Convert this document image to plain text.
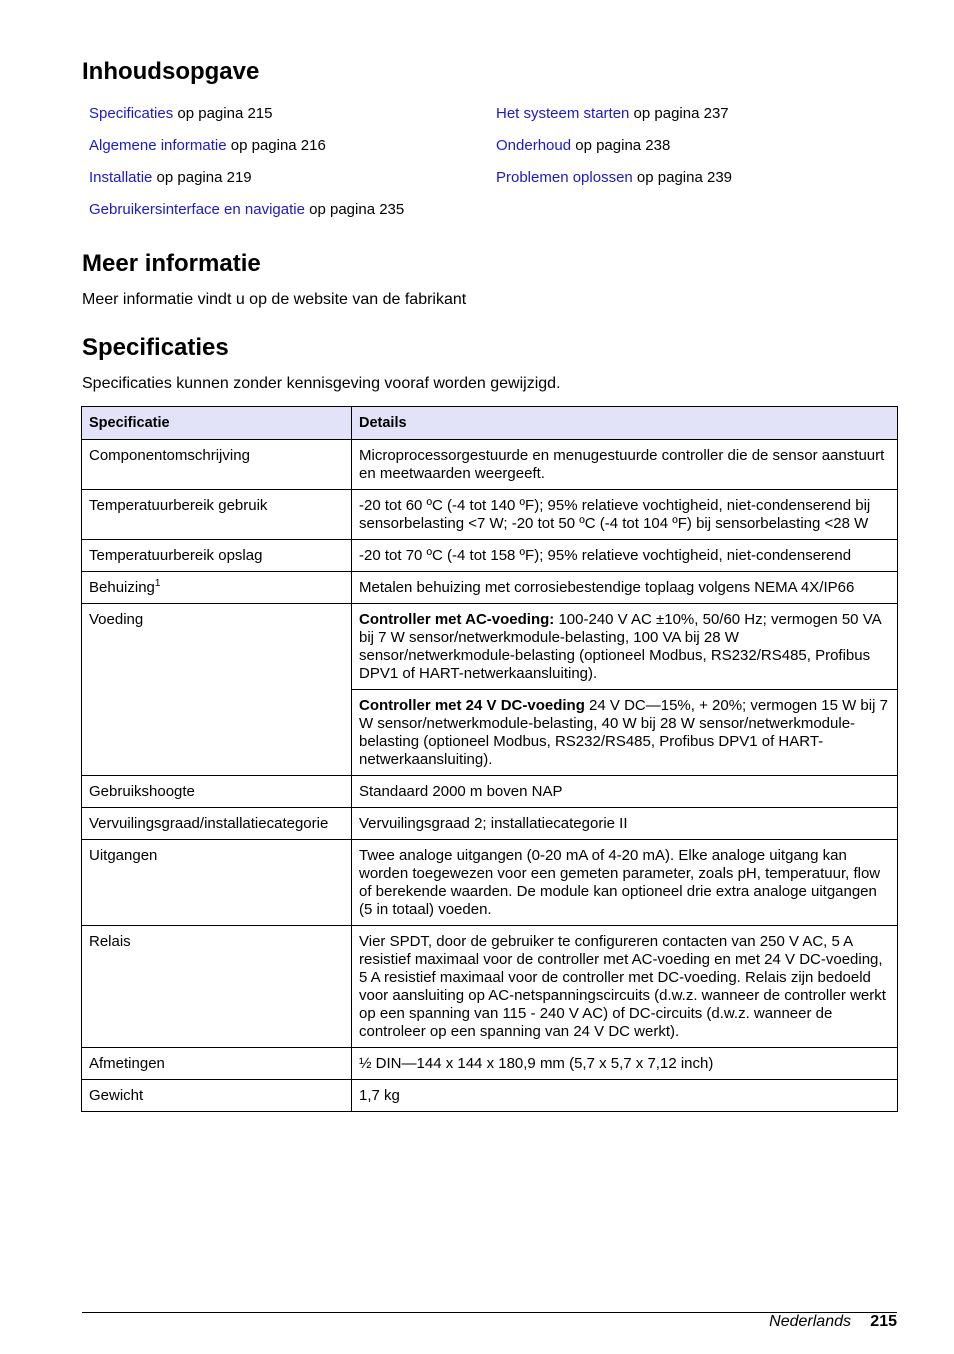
Inhoudsopgave
Specificaties op pagina 215
Algemene informatie op pagina 216
Installatie op pagina 219
Gebruikersinterface en navigatie op pagina 235
Het systeem starten op pagina 237
Onderhoud op pagina 238
Problemen oplossen op pagina 239
Meer informatie

Meer informatie vindt u op de website van de fabrikant

Specificaties

Specificaties kunnen zonder kennisgeving vooraf worden gewijzigd.

Specificatie	Details
Componentomschrijving	Microprocessorgestuurde en menugestuurde controller die de sensor aanstuurt en meetwaarden weergeeft.
Temperatuurbereik gebruik	-20 tot 60 ºC (-4 tot 140 ºF); 95% relatieve vochtigheid, niet-condenserend bij sensorbelasting <7 W; -20 tot 50 ºC (-4 tot 104 ºF) bij sensorbelasting <28 W
Temperatuurbereik opslag	-20 tot 70 ºC (-4 tot 158 ºF); 95% relatieve vochtigheid, niet-condenserend
Behuizing$^1$	Metalen behuizing met corrosiebestendige toplaag volgens NEMA 4X/IP66
Voeding	Controller met AC-voeding: 100-240 V AC ±10%, 50/60 Hz; vermogen 50 VA bij 7 W sensor/netwerkmodule-belasting, 100 VA bij 28 W sensor/netwerkmodule-belasting (optioneel Modbus, RS232/RS485, Profibus DPV1 of HART-netwerkaansluiting).
	Controller met 24 V DC-voeding 24 V DC—15%, + 20%; vermogen 15 W bij 7 W sensor/netwerkmodule-belasting, 40 W bij 28 W sensor/netwerkmodule-belasting (optioneel Modbus, RS232/RS485, Profibus DPV1 of HART-netwerkaansluiting).
Gebruikshoogte	Standaard 2000 m boven NAP
Vervuilingsgraad/installatiecategorie	Vervuilingsgraad 2; installatiecategorie II
Uitgangen	Twee analoge uitgangen (0-20 mA of 4-20 mA). Elke analoge uitgang kan worden toegewezen voor een gemeten parameter, zoals pH, temperatuur, flow of berekende waarden. De module kan optioneel drie extra analoge uitgangen (5 in totaal) voeden.
Relais	Vier SPDT, door de gebruiker te configureren contacten van 250 V AC, 5 A resistief maximaal voor de controller met AC-voeding en met 24 V DC-voeding, 5 A resistief maximaal voor de controller met DC-voeding. Relais zijn bedoeld voor aansluiting op AC-netspanningscircuits (d.w.z. wanneer de controller werkt op een spanning van 115 - 240 V AC) of DC-circuits (d.w.z. wanneer de controleer op een spanning van 24 V DC werkt).
Afmetingen	½ DIN—144 x 144 x 180,9 mm (5,7 x 5,7 x 7,12 inch)
Gewicht	1,7 kg
Nederlands 215
